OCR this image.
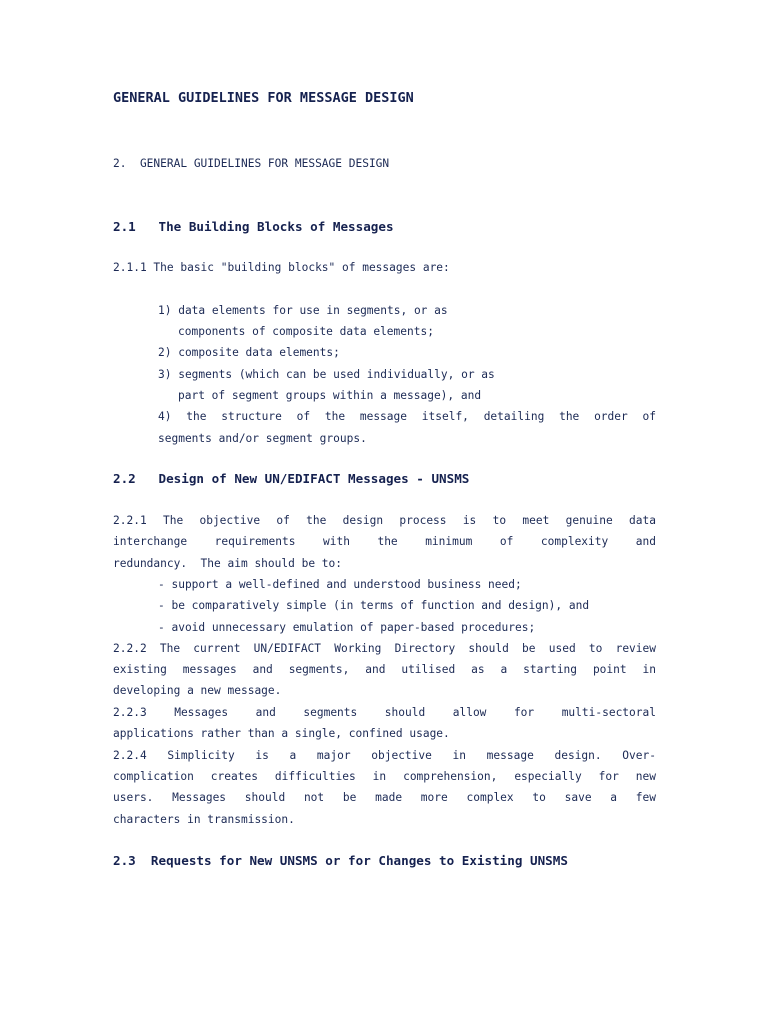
GENERAL GUIDELINES FOR MESSAGE DESIGN
2.  GENERAL GUIDELINES FOR MESSAGE DESIGN
2.1   The Building Blocks of Messages
2.1.1 The basic "building blocks" of messages are:
1) data elements for use in segments, or as
components of composite data elements;
2) composite data elements;
3) segments (which can be used individually, or as
part of segment groups within a message), and
4) the structure of the message itself, detailing the order of
segments and/or segment groups.
2.2   Design of New UN/EDIFACT Messages - UNSMS
2.2.1 The objective of the design process is to meet genuine data
interchange requirements with the minimum of complexity and
redundancy.  The aim should be to:
- support a well-defined and understood business need;
- be comparatively simple (in terms of function and design), and
- avoid unnecessary emulation of paper-based procedures;
2.2.2 The current UN/EDIFACT Working Directory should be used to review
existing messages and segments, and utilised as a starting point in
developing a new message.
2.2.3 Messages and segments should allow for multi-sectoral
applications rather than a single, confined usage.
2.2.4 Simplicity is a major objective in message design. Over-
complication creates difficulties in comprehension, especially for new
users. Messages should not be made more complex to save a few
characters in transmission.
2.3  Requests for New UNSMS or for Changes to Existing UNSMS
